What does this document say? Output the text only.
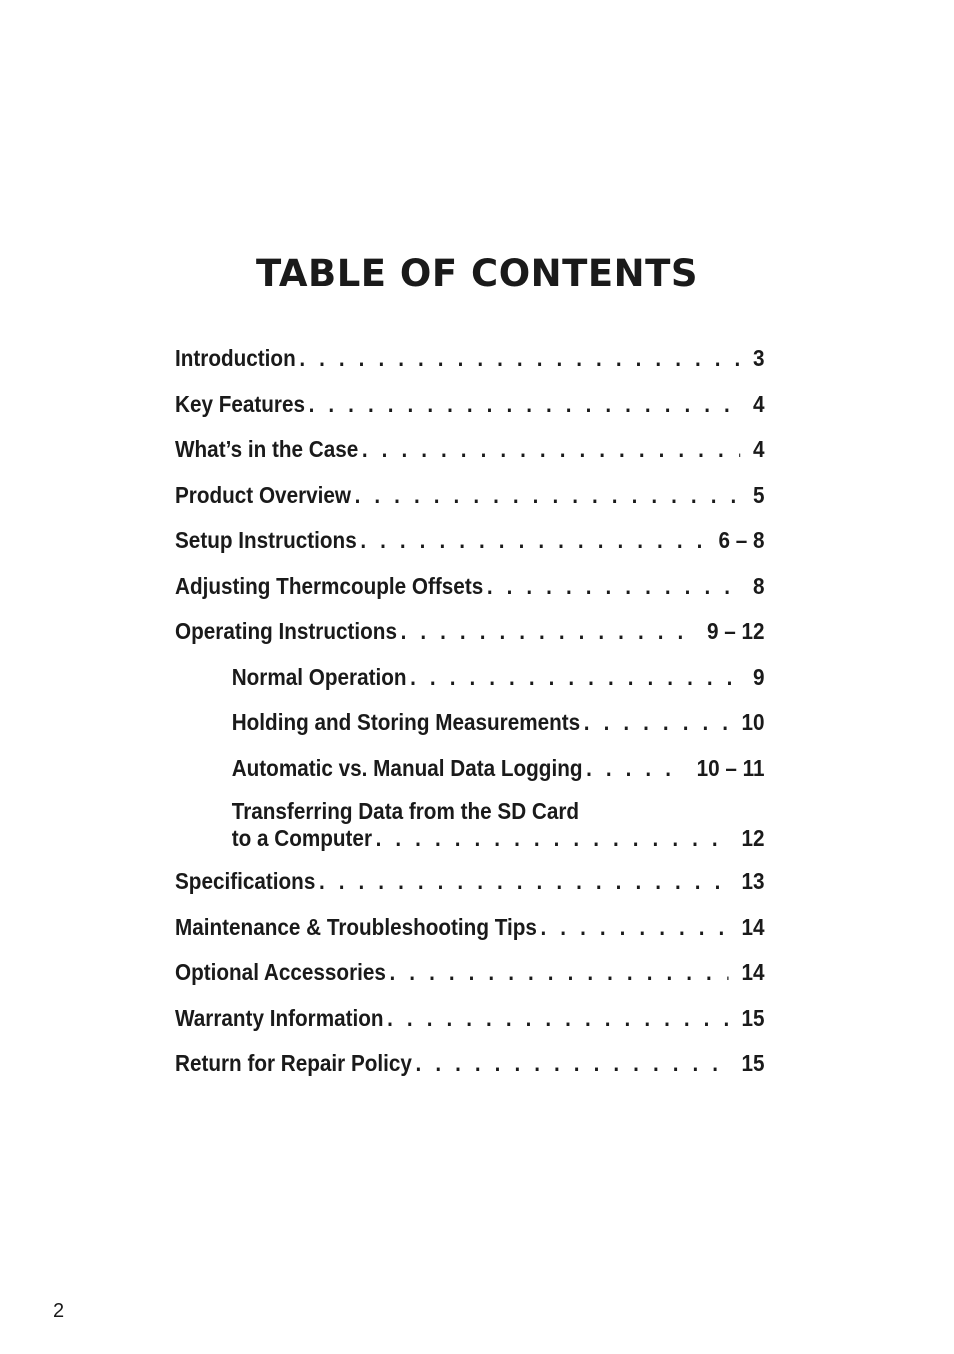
TABLE OF CONTENTS
Introduction . . .	3
Key Features . . .	4
What’s in the Case . . .	4
Product Overview . . .	5
Setup Instructions . . .	6 – 8
Adjusting Thermcouple Offsets . . .	8
Operating Instructions . . .	9 – 12
Normal Operation . . .	9
Holding and Storing Measurements . . .	10
Automatic vs. Manual Data Logging . . .	10 – 11
Transferring Data from the SD Card
to a Computer . . .	12
Specifications . . .	13
Maintenance & Troubleshooting Tips . . .	14
Optional Accessories . . .	14
Warranty Information . . .	15
Return for Repair Policy . . .	15
2
